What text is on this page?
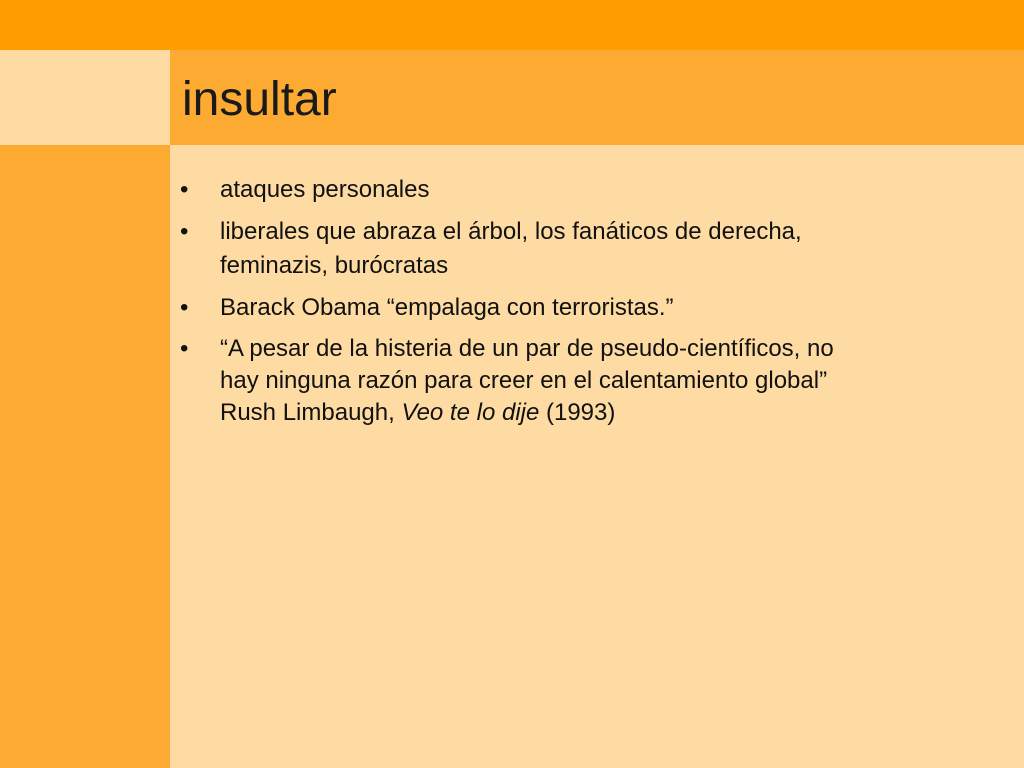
insultar
• ataques personales
• liberales que abraza el árbol, los fanáticos de derecha, feminazis, burócratas
• Barack Obama “empalaga con terroristas.”
• “A pesar de la histeria de un par de pseudo-científicos, no hay ninguna razón para creer en el calentamiento global” Rush Limbaugh, Veo te lo dije (1993)
